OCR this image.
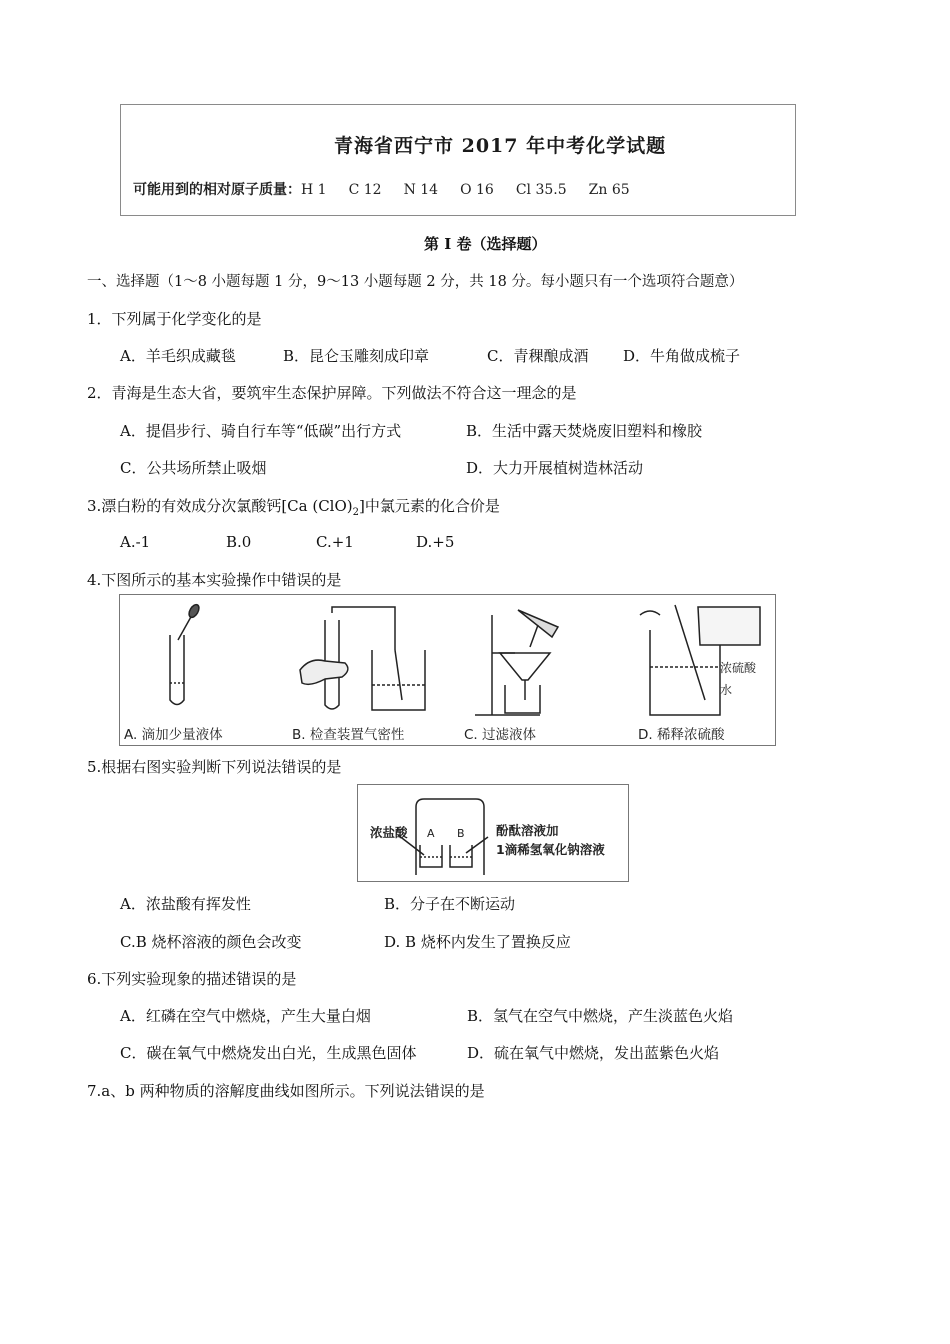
青海省西宁市 2017 年中考化学试题
可能用到的相对原子质量：H 1 C 12 N 14 O 16 Cl 35.5 Zn 65
第 I 卷（选择题）
一、选择题（1～8 小题每题 1 分，9～13 小题每题 2 分，共 18 分。每小题只有一个选项符合题意）
1．下列属于化学变化的是
A．羊毛织成藏毯	B．昆仑玉雕刻成印章	C．青稞酿成酒 D．牛角做成梳子
2．青海是生态大省，要筑牢生态保护屏障。下列做法不符合这一理念的是
A．提倡步行、骑自行车等“低碳”出行方式	B．生活中露天焚烧废旧塑料和橡胶
C．公共场所禁止吸烟	D．大力开展植树造林活动
3.漂白粉的有效成分次氯酸钙[Ca $(ClO)_2$]中氯元素的化合价是
A.-1	B.0	C.+1	D.+5
4.下图所示的基本实验操作中错误的是
A. 滴加少量液体	B. 检查装置气密性	C. 过滤液体	D. 稀释浓硫酸
浓硫酸
水
5.根据右图实验判断下列说法错误的是
浓盐酸 A B	酚酞溶液加
1滴稀氢氧化钠溶液
A．浓盐酸有挥发性	B．分子在不断运动
C.B 烧杯溶液的颜色会改变	D. B 烧杯内发生了置换反应
6.下列实验现象的描述错误的是
A．红磷在空气中燃烧，产生大量白烟	B．氢气在空气中燃烧，产生淡蓝色火焰
C．碳在氧气中燃烧发出白光，生成黑色固体	D．硫在氧气中燃烧，发出蓝紫色火焰
7.a、b 两种物质的溶解度曲线如图所示。下列说法错误的是
